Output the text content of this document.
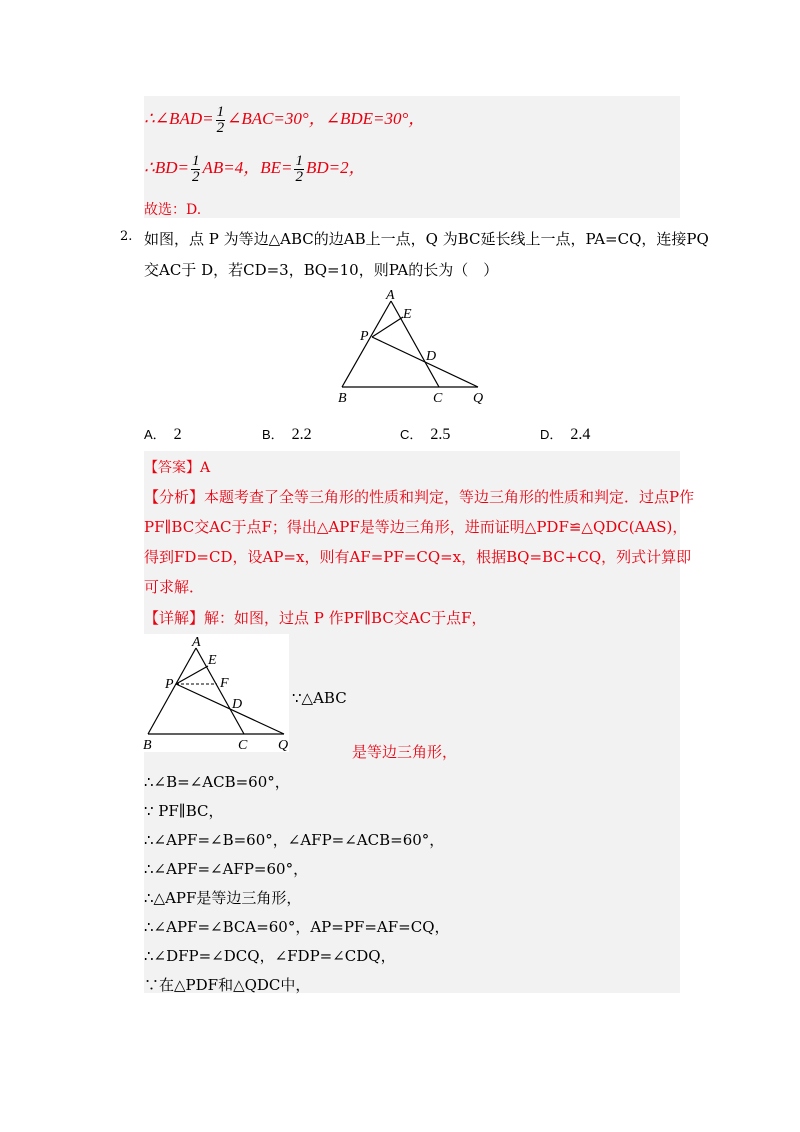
∴∠BAD= $\frac{1}{2}$ ∠BAC=30°，∠BDE=30°，
∴BD= $\frac{1}{2} AB=4$，$BE= \frac{1}{2} BD=2$，
故选：D.
2. 如图，点 P 为等边△ABC的边AB上一点，Q 为BC延长线上一点，PA=CQ，连接PQ
交AC于 D，若CD=3，BQ=10，则PA的长为（　）
A
E
P
D
B	C Q
A． 2	B． 2.2	C． 2.5	D． 2.4
【答案】A
【分析】本题考查了全等三角形的性质和判定，等边三角形的性质和判定．过点P作
PF∥BC交AC于点F；得出△APF是等边三角形，进而证明△PDF≌△QDC(AAS)，
得到FD=CD，设AP=x，则有AF=PF=CQ=x，根据BQ=BC+CQ，列式计算即
可求解．
【详解】解：如图，过点 P 作PF∥BC交AC于点F，
A
E
P	F
D
B	C Q
∵△ABC
是等边三角形，
∴∠B=∠ACB=60°，
∵ PF∥BC，
∴∠APF=∠B=60°，∠AFP=∠ACB=60°，
∴∠APF=∠AFP=60°，
∴△APF是等边三角形，
∴∠APF=∠BCA=60°，AP=PF=AF=CQ，
∴∠DFP=∠DCQ，∠FDP=∠CDQ，
∵在△PDF和△QDC中，
